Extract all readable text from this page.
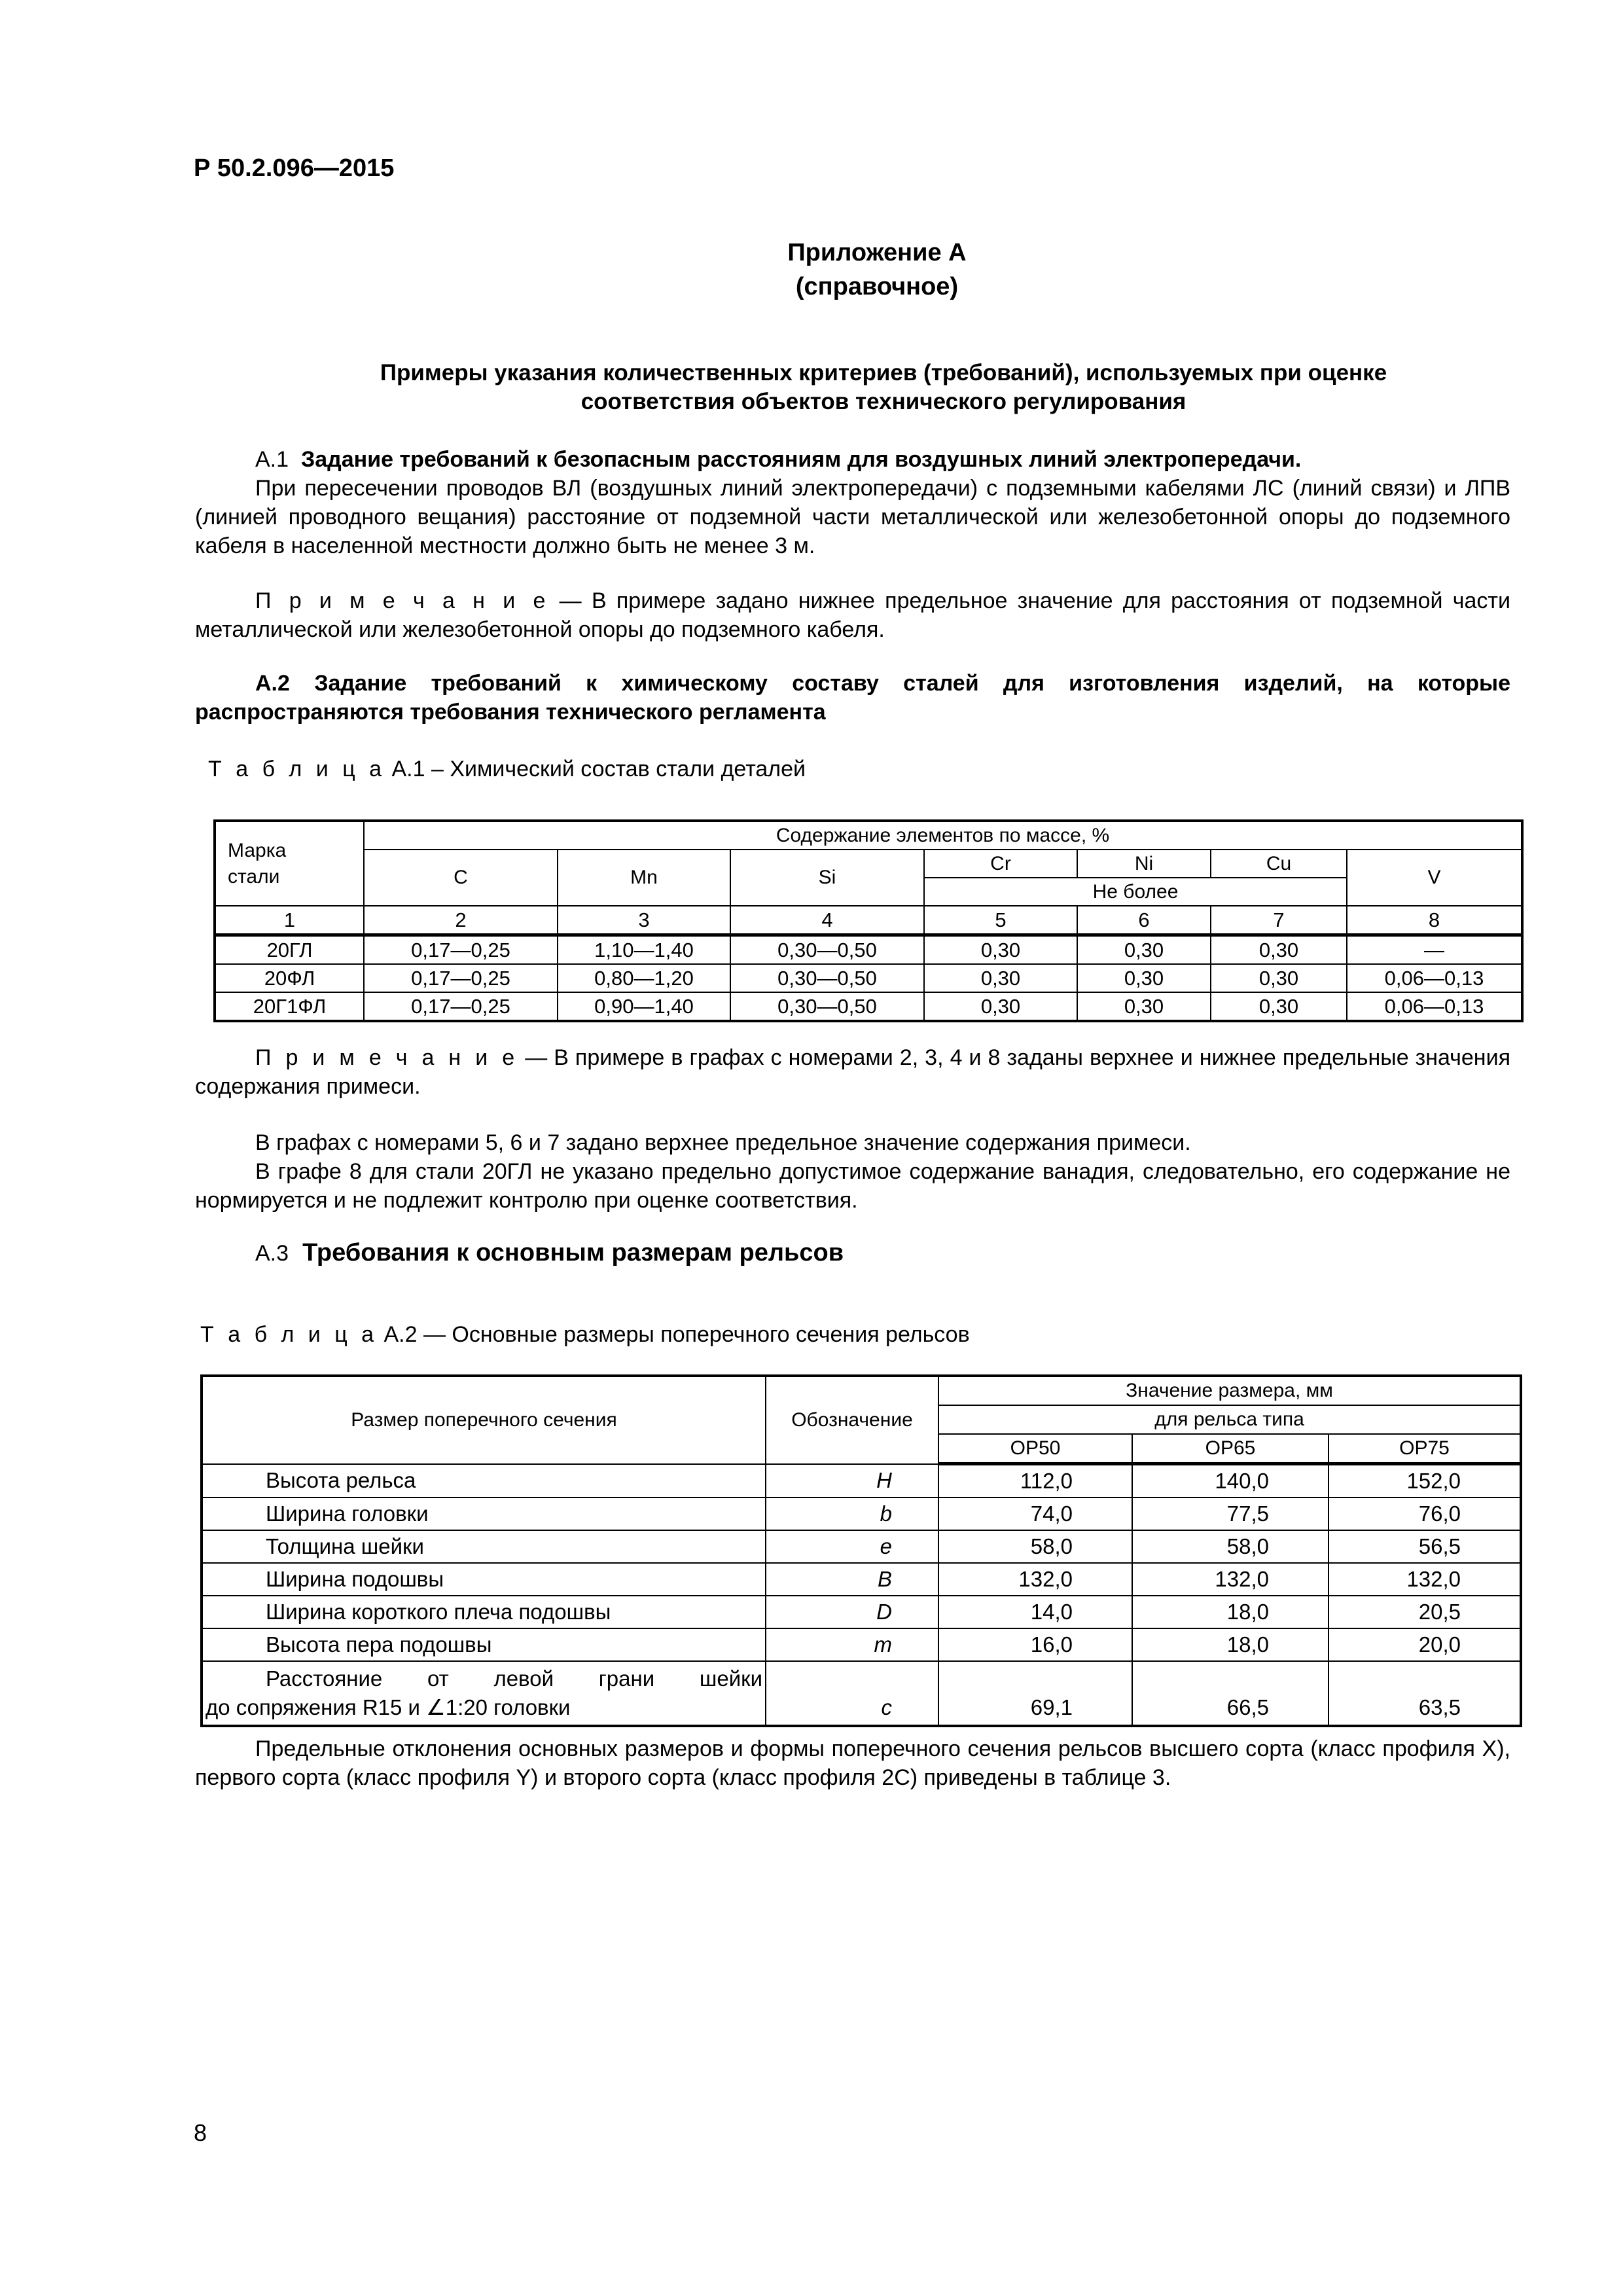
Р 50.2.096—2015
Приложение А
(справочное)
Примеры указания количественных критериев (требований), используемых при оценке
соответствия объектов технического регулирования
А.1 Задание требований к безопасным расстояниям для воздушных линий электропередачи.
При пересечении проводов ВЛ (воздушных линий электропередачи) с подземными кабелями ЛС (линий связи) и ЛПВ (линией проводного вещания) расстояние от подземной части металлической или железобетонной опоры до подземного кабеля в населенной местности должно быть не менее 3 м.
П р и м е ч а н и е — В примере задано нижнее предельное значение для расстояния от подземной части металлической или железобетонной опоры до подземного кабеля.
А.2 Задание требований к химическому составу сталей для изготовления изделий, на которые распространяются требования технического регламента
Т а б л и ц а А.1 – Химический состав стали деталей
Марка стали	Содержание элементов по массе, %						
	C	Mn	Si	Cr	Ni	Cu	V
				Не более			
1	2	3	4	5	6	7	8
20ГЛ	0,17—0,25	1,10—1,40	0,30—0,50	0,30	0,30	0,30	—
20ФЛ	0,17—0,25	0,80—1,20	0,30—0,50	0,30	0,30	0,30	0,06—0,13
20Г1ФЛ	0,17—0,25	0,90—1,40	0,30—0,50	0,30	0,30	0,30	0,06—0,13
П р и м е ч а н и е — В примере в графах с номерами 2, 3, 4 и 8 заданы верхнее и нижнее предельные значения содержания примеси.
В графах с номерами 5, 6 и 7 задано верхнее предельное значение содержания примеси.
В графе 8 для стали 20ГЛ не указано предельно допустимое содержание ванадия, следовательно, его содержание не нормируется и не подлежит контролю при оценке соответствия.
А.3 Требования к основным размерам рельсов
Т а б л и ц а А.2 — Основные размеры поперечного сечения рельсов
Размер поперечного сечения	Обозначение	Значение размера, мм		
		для рельса типа		
		ОР50	ОР65	ОР75
Высота рельса	H	112,0	140,0	152,0
Ширина головки	b	74,0	77,5	76,0
Толщина шейки	e	58,0	58,0	56,5
Ширина подошвы	B	132,0	132,0	132,0
Ширина короткого плеча подошвы	D	14,0	18,0	20,5
Высота пера подошвы	m	16,0	18,0	20,0

Расстояние от левой грани шейки
до сопряжения R15 и ∠1:20 головки	c	69,1	66,5	63,5
Предельные отклонения основных размеров и формы поперечного сечения рельсов высшего сорта (класс профиля X), первого сорта (класс профиля Y) и второго сорта (класс профиля 2С) приведены в таблице 3.
8
